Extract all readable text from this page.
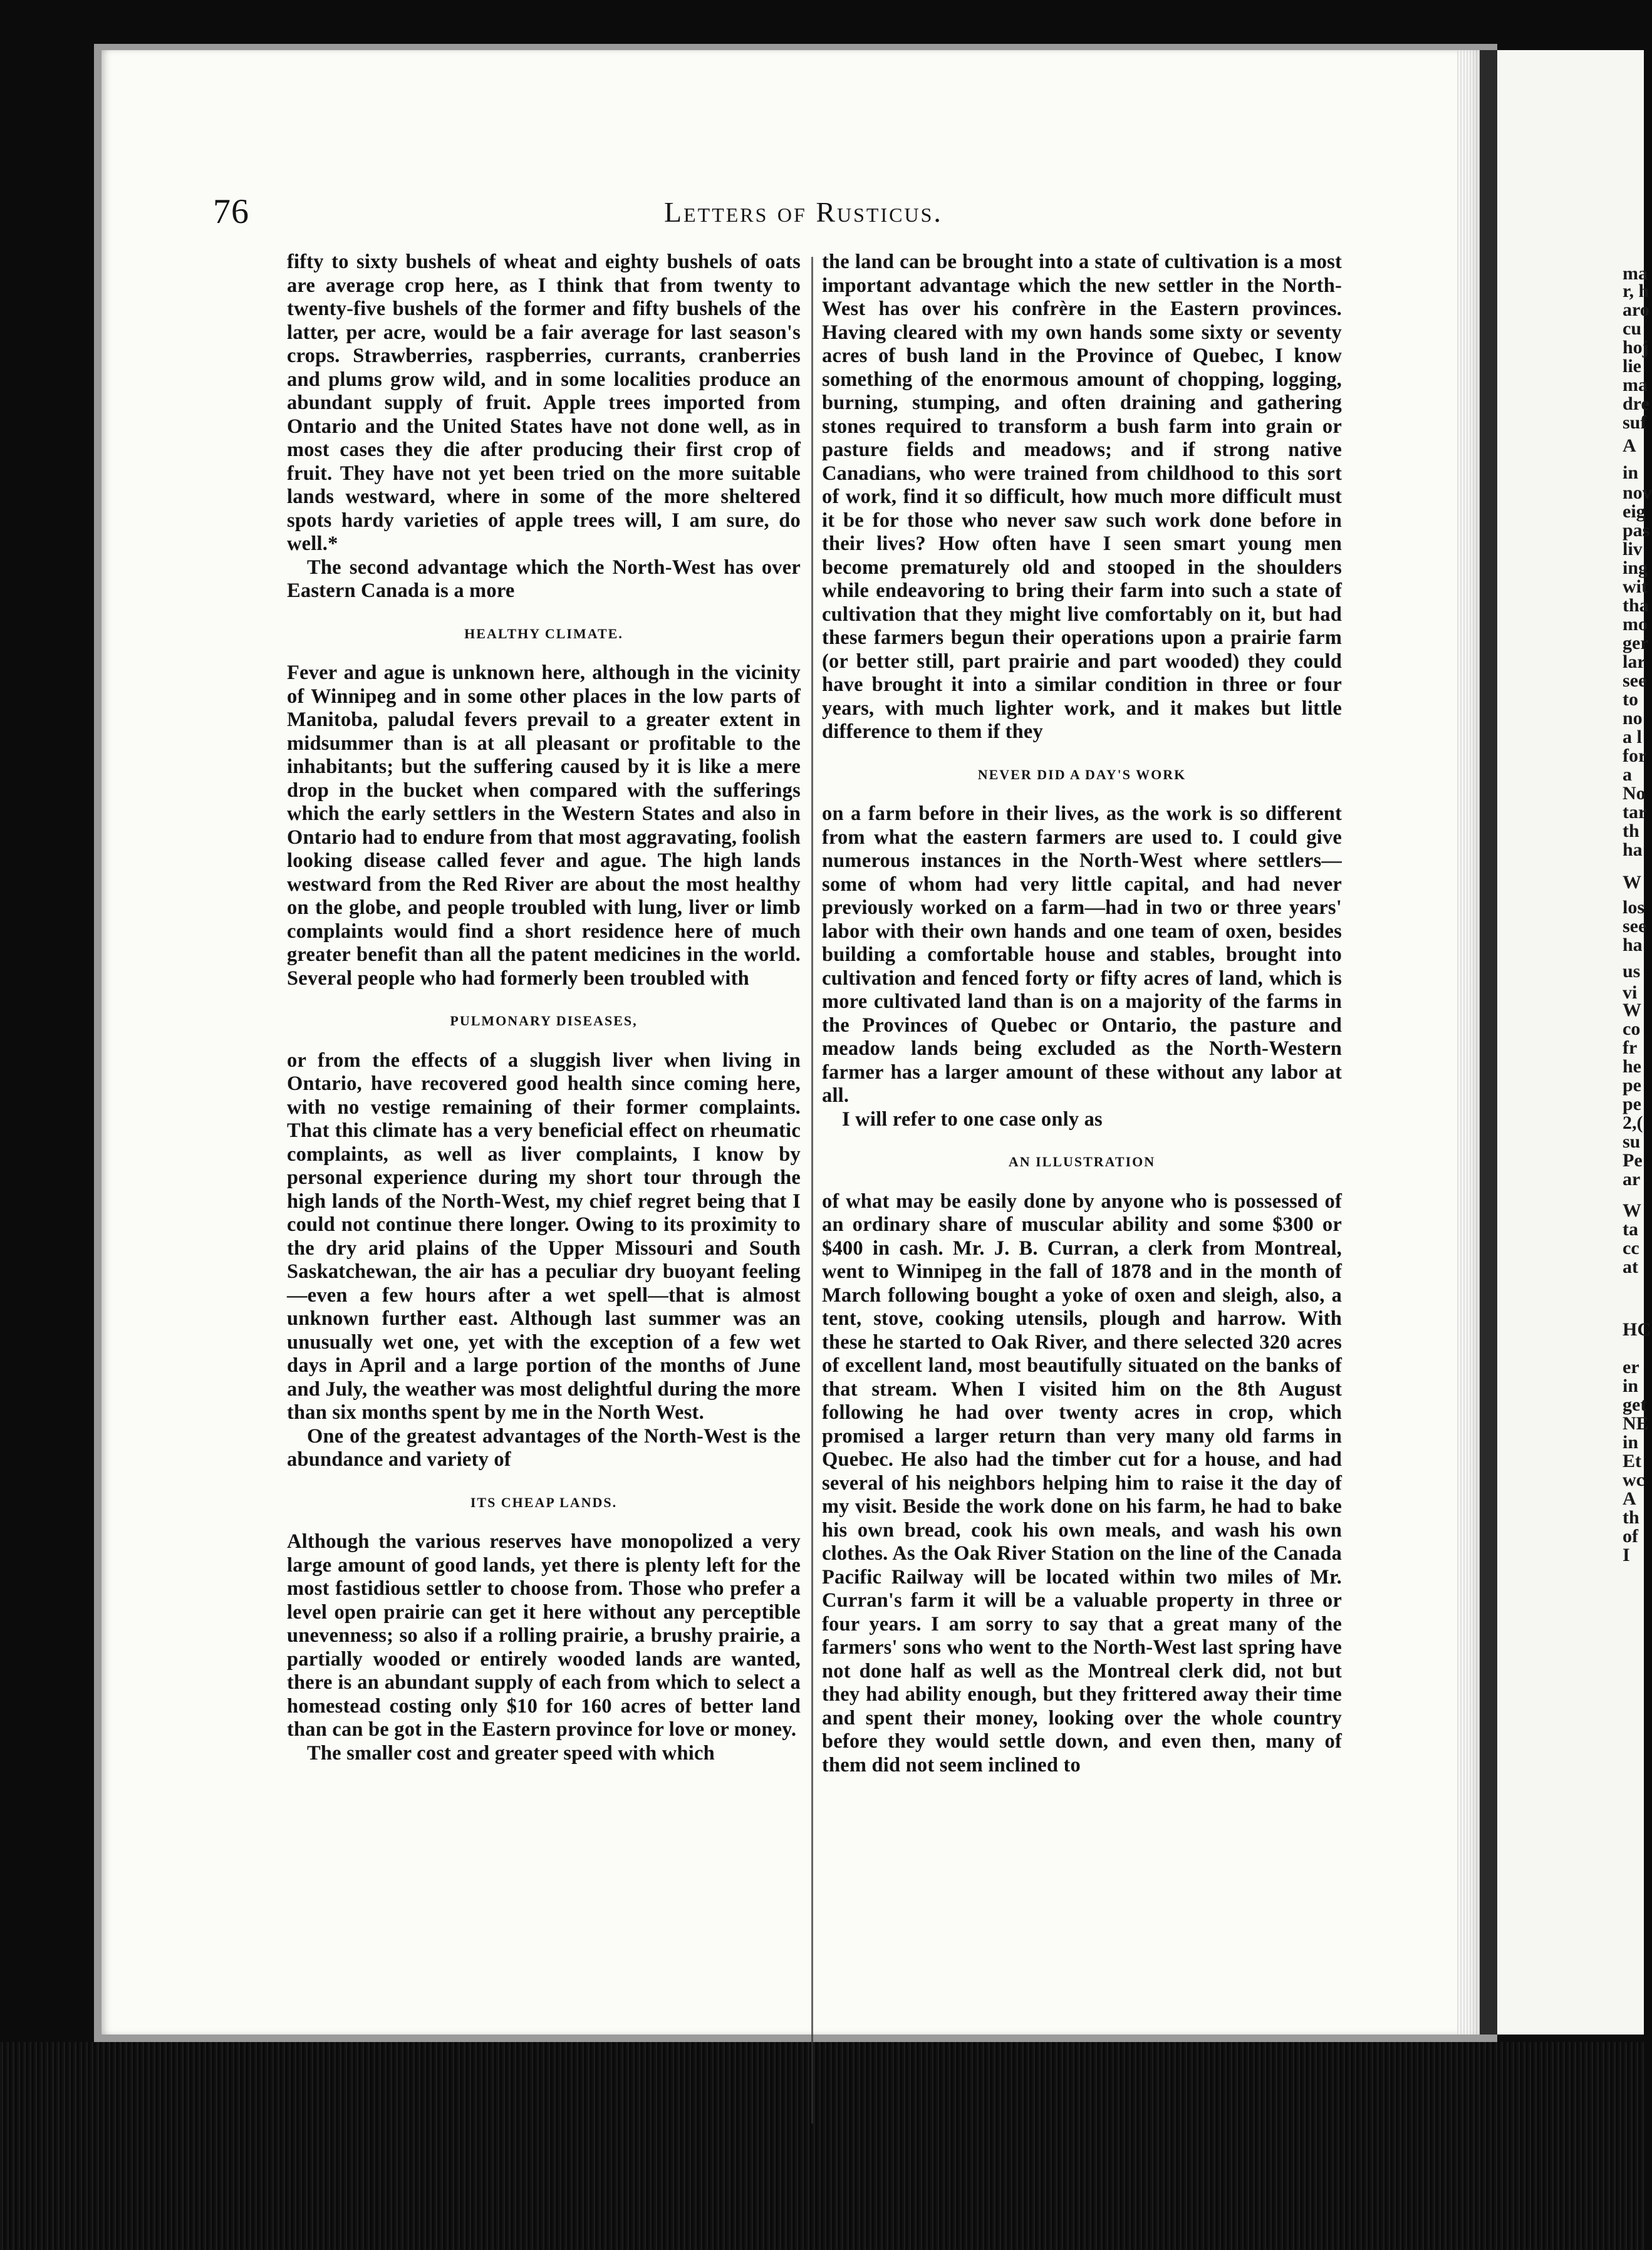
ma
r, h
aro
cu
hoj
lie
ma
dre
suf
A
in
nov
eig
pas
liv
ing
wit
tha
mo
ger
lar
see
to
no
a l
for
a
No
tar
th
ha
W
los
see
ha
us
vi
W
co
fr
he
pe
pe
2,(
su
Pe
ar
W
ta
cc
at
HC
er
in
get
NE
in
Et
wc
A
th
of
I
76	Letters of Rusticus.

fifty to sixty bushels of wheat and eighty bushels of oats are average crop here, as I think that from twenty to twenty-five bushels of the former and fifty bushels of the latter, per acre, would be a fair average for last season's crops. Strawberries, raspberries, currants, cranberries and plums grow wild, and in some localities produce an abundant supply of fruit. Apple trees imported from Ontario and the United States have not done well, as in most cases they die after producing their first crop of fruit. They have not yet been tried on the more suitable lands westward, where in some of the more sheltered spots hardy varieties of apple trees will, I am sure, do well.*

The second advantage which the North-West has over Eastern Canada is a more

HEALTHY CLIMATE.

Fever and ague is unknown here, although in the vicinity of Winnipeg and in some other places in the low parts of Manitoba, paludal fevers prevail to a greater extent in midsummer than is at all pleasant or profitable to the inhabitants; but the suffering caused by it is like a mere drop in the bucket when compared with the sufferings which the early settlers in the Western States and also in Ontario had to endure from that most aggravating, foolish looking disease called fever and ague. The high lands westward from the Red River are about the most healthy on the globe, and people troubled with lung, liver or limb complaints would find a short residence here of much greater benefit than all the patent medicines in the world. Several people who had formerly been troubled with

PULMONARY DISEASES,

or from the effects of a sluggish liver when living in Ontario, have recovered good health since coming here, with no vestige remaining of their former complaints. That this climate has a very beneficial effect on rheumatic complaints, as well as liver complaints, I know by personal experience during my short tour through the high lands of the North-West, my chief regret being that I could not continue there longer. Owing to its proximity to the dry arid plains of the Upper Missouri and South Saskatchewan, the air has a peculiar dry buoyant feeling—even a few hours after a wet spell—that is almost unknown further east. Although last summer was an unusually wet one, yet with the exception of a few wet days in April and a large portion of the months of June and July, the weather was most delightful during the more than six months spent by me in the North West.

One of the greatest advantages of the North-West is the abundance and variety of

ITS CHEAP LANDS.

Although the various reserves have monopolized a very large amount of good lands, yet there is plenty left for the most fastidious settler to choose from. Those who prefer a level open prairie can get it here without any perceptible unevenness; so also if a rolling prairie, a brushy prairie, a partially wooded or entirely wooded lands are wanted, there is an abundant supply of each from which to select a homestead costing only $10 for 160 acres of better land than can be got in the Eastern province for love or money.

The smaller cost and greater speed with which

the land can be brought into a state of cultivation is a most important advantage which the new settler in the North-West has over his confrère in the Eastern provinces. Having cleared with my own hands some sixty or seventy acres of bush land in the Province of Quebec, I know something of the enormous amount of chopping, logging, burning, stumping, and often draining and gathering stones required to transform a bush farm into grain or pasture fields and meadows; and if strong native Canadians, who were trained from childhood to this sort of work, find it so difficult, how much more difficult must it be for those who never saw such work done before in their lives? How often have I seen smart young men become prematurely old and stooped in the shoulders while endeavoring to bring their farm into such a state of cultivation that they might live comfortably on it, but had these farmers begun their operations upon a prairie farm (or better still, part prairie and part wooded) they could have brought it into a similar condition in three or four years, with much lighter work, and it makes but little difference to them if they

NEVER DID A DAY'S WORK

on a farm before in their lives, as the work is so different from what the eastern farmers are used to. I could give numerous instances in the North-West where settlers—some of whom had very little capital, and had never previously worked on a farm—had in two or three years' labor with their own hands and one team of oxen, besides building a comfortable house and stables, brought into cultivation and fenced forty or fifty acres of land, which is more cultivated land than is on a majority of the farms in the Provinces of Quebec or Ontario, the pasture and meadow lands being excluded as the North-Western farmer has a larger amount of these without any labor at all.

I will refer to one case only as

AN ILLUSTRATION

of what may be easily done by anyone who is possessed of an ordinary share of muscular ability and some $300 or $400 in cash. Mr. J. B. Curran, a clerk from Montreal, went to Winnipeg in the fall of 1878 and in the month of March following bought a yoke of oxen and sleigh, also, a tent, stove, cooking utensils, plough and harrow. With these he started to Oak River, and there selected 320 acres of excellent land, most beautifully situated on the banks of that stream. When I visited him on the 8th August following he had over twenty acres in crop, which promised a larger return than very many old farms in Quebec. He also had the timber cut for a house, and had several of his neighbors helping him to raise it the day of my visit. Beside the work done on his farm, he had to bake his own bread, cook his own meals, and wash his own clothes. As the Oak River Station on the line of the Canada Pacific Railway will be located within two miles of Mr. Curran's farm it will be a valuable property in three or four years. I am sorry to say that a great many of the farmers' sons who went to the North-West last spring have not done half as well as the Montreal clerk did, not but they had ability enough, but they frittered away their time and spent their money, looking over the whole country before they would settle down, and even then, many of them did not seem inclined to
